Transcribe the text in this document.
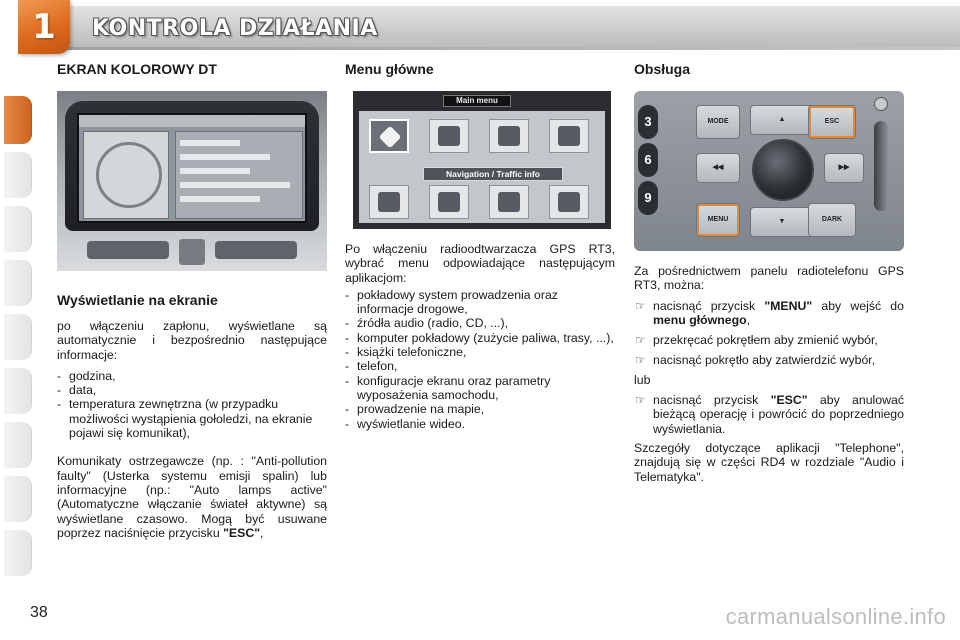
1 KONTROLA DZIAŁANIA
EKRAN KOLOROWY DT
Wyświetlanie na ekranie

po włączeniu zapłonu, wyświetlane są automatycznie i bezpośrednio następujące informacje:

- godzina,
- data,
- temperatura zewnętrzna (w przypadku możliwości wystąpienia gołoledzi, na ekranie pojawi się komunikat),

Komunikaty ostrzegawcze (np. : "Anti-pollution faulty" (Usterka systemu emisji spalin) lub informacyjne (np.: "Auto lamps active" (Automatyczne włączanie świateł aktywne) są wyświetlane czasowo. Mogą być usuwane poprzez naciśnięcie przycisku "ESC",

Menu główne
Main menu
Navigation / Traffic info

Po włączeniu radioodtwarzacza GPS RT3, wybrać menu odpowiadające następującym aplikacjom:

- pokładowy system prowadzenia oraz informacje drogowe,
- źródła audio (radio, CD, ...),
- komputer pokładowy (zużycie paliwa, trasy, ...),
- książki telefoniczne,
- telefon,
- konfiguracje ekranu oraz parametry wyposażenia samochodu,
- prowadzenie na mapie,
- wyświetlanie wideo.
Obsługa
3
6
9
MODE	▲	ESC
◀◀	▶▶
MENU	▼	DARK

Za pośrednictwem panelu radiotelefonu GPS RT3, można:

☞ nacisnąć przycisk "MENU" aby wejść do menu głównego,
☞ przekręcać pokrętłem aby zmienić wybór,
☞ nacisnąć pokrętło aby zatwierdzić wybór,

lub

☞ nacisnąć przycisk "ESC" aby anulować bieżącą operację i powrócić do poprzedniego wyświetlania.

Szczegóły dotyczące aplikacji "Telephone", znajdują się w części RD4 w rozdziale "Audio i Telematyka".

38	carmanualsonline.info
